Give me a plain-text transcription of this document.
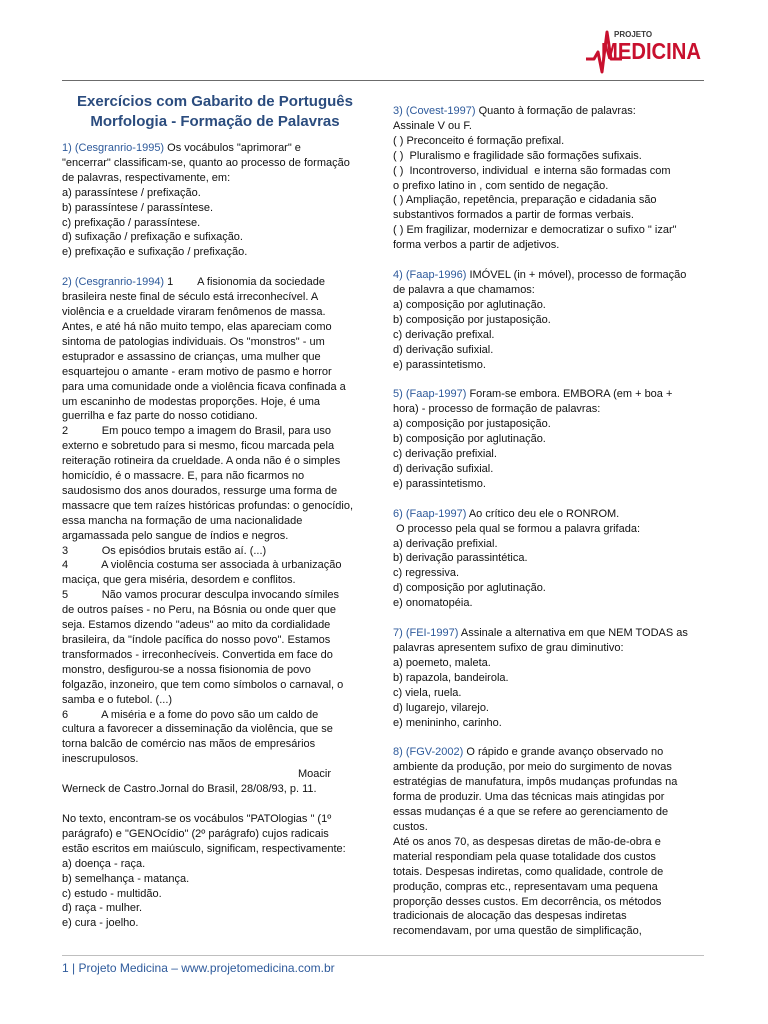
PROJETO
MEDICINA
Exercícios com Gabarito de Português
Morfologia - Formação de Palavras
1) (Cesgranrio-1995) Os vocábulos "aprimorar" e
"encerrar" classificam-se, quanto ao processo de formação
de palavras, respectivamente, em:
a) parassíntese / prefixação.
b) parassíntese / parassíntese.
c) prefixação / parassíntese.
d) sufixação / prefixação e sufixação.
e) prefixação e sufixação / prefixação.
2) (Cesgranrio-1994) 1        A fisionomia da sociedade
brasileira neste final de século está irreconhecível. A
violência e a crueldade viraram fenômenos de massa.
Antes, e até há não muito tempo, elas apareciam como
sintoma de patologias individuais. Os "monstros" - um
estuprador e assassino de crianças, uma mulher que
esquartejou o amante - eram motivo de pasmo e horror
para uma comunidade onde a violência ficava confinada a
um escaninho de modestas proporções. Hoje, é uma
guerrilha e faz parte do nosso cotidiano.
2           Em pouco tempo a imagem do Brasil, para uso
externo e sobretudo para si mesmo, ficou marcada pela
reiteração rotineira da crueldade. A onda não é o simples
homicídio, é o massacre. E, para não ficarmos no
saudosismo dos anos dourados, ressurge uma forma de
massacre que tem raízes históricas profundas: o genocídio,
essa mancha na formação de uma nacionalidade
argamassada pelo sangue de índios e negros.
3           Os episódios brutais estão aí. (...)
4           A violência costuma ser associada à urbanização
maciça, que gera miséria, desordem e conflitos.
5           Não vamos procurar desculpa invocando símiles
de outros países - no Peru, na Bósnia ou onde quer que
seja. Estamos dizendo "adeus" ao mito da cordialidade
brasileira, da "índole pacífica do nosso povo". Estamos
transformados - irreconhecíveis. Convertida em face do
monstro, desfigurou-se a nossa fisionomia de povo
folgazão, inzoneiro, que tem como símbolos o carnaval, o
samba e o futebol. (...)
6           A miséria e a fome do povo são um caldo de
cultura a favorecer a disseminação da violência, que se
torna balcão de comércio nas mãos de empresários
inescrupulosos.
Moacir
Werneck de Castro.Jornal do Brasil, 28/08/93, p. 11.
No texto, encontram-se os vocábulos "PATOlogias " (1º
parágrafo) e "GENOcídio" (2º parágrafo) cujos radicais
estão escritos em maiúsculo, significam, respectivamente:
a) doença - raça.
b) semelhança - matança.
c) estudo - multidão.
d) raça - mulher.
e) cura - joelho.
3) (Covest-1997) Quanto à formação de palavras:
Assinale V ou F.
( ) Preconceito é formação prefixal.
( )  Pluralismo e fragilidade são formações sufixais.
( )  Incontroverso, individual  e interna são formadas com
o prefixo latino in , com sentido de negação.
( ) Ampliação, repetência, preparação e cidadania são
substantivos formados a partir de formas verbais.
( ) Em fragilizar, modernizar e democratizar o sufixo " izar"
forma verbos a partir de adjetivos.
4) (Faap-1996) IMÓVEL (in + móvel), processo de formação
de palavra a que chamamos:
a) composição por aglutinação.
b) composição por justaposição.
c) derivação prefixal.
d) derivação sufixial.
e) parassintetismo.
5) (Faap-1997) Foram-se embora. EMBORA (em + boa +
hora) - processo de formação de palavras:
a) composição por justaposição.
b) composição por aglutinação.
c) derivação prefixial.
d) derivação sufixial.
e) parassintetismo.
6) (Faap-1997) Ao crítico deu ele o RONROM.
O processo pela qual se formou a palavra grifada:
a) derivação prefixial.
b) derivação parassintética.
c) regressiva.
d) composição por aglutinação.
e) onomatopéia.
7) (FEI-1997) Assinale a alternativa em que NEM TODAS as
palavras apresentem sufixo de grau diminutivo:
a) poemeto, maleta.
b) rapazola, bandeirola.
c) viela, ruela.
d) lugarejo, vilarejo.
e) menininho, carinho.
8) (FGV-2002) O rápido e grande avanço observado no
ambiente da produção, por meio do surgimento de novas
estratégias de manufatura, impôs mudanças profundas na
forma de produzir. Uma das técnicas mais atingidas por
essas mudanças é a que se refere ao gerenciamento de
custos.
Até os anos 70, as despesas diretas de mão-de-obra e
material respondiam pela quase totalidade dos custos
totais. Despesas indiretas, como qualidade, controle de
produção, compras etc., representavam uma pequena
proporção desses custos. Em decorrência, os métodos
tradicionais de alocação das despesas indiretas
recomendavam, por uma questão de simplificação,
1 | Projeto Medicina – www.projetomedicina.com.br
